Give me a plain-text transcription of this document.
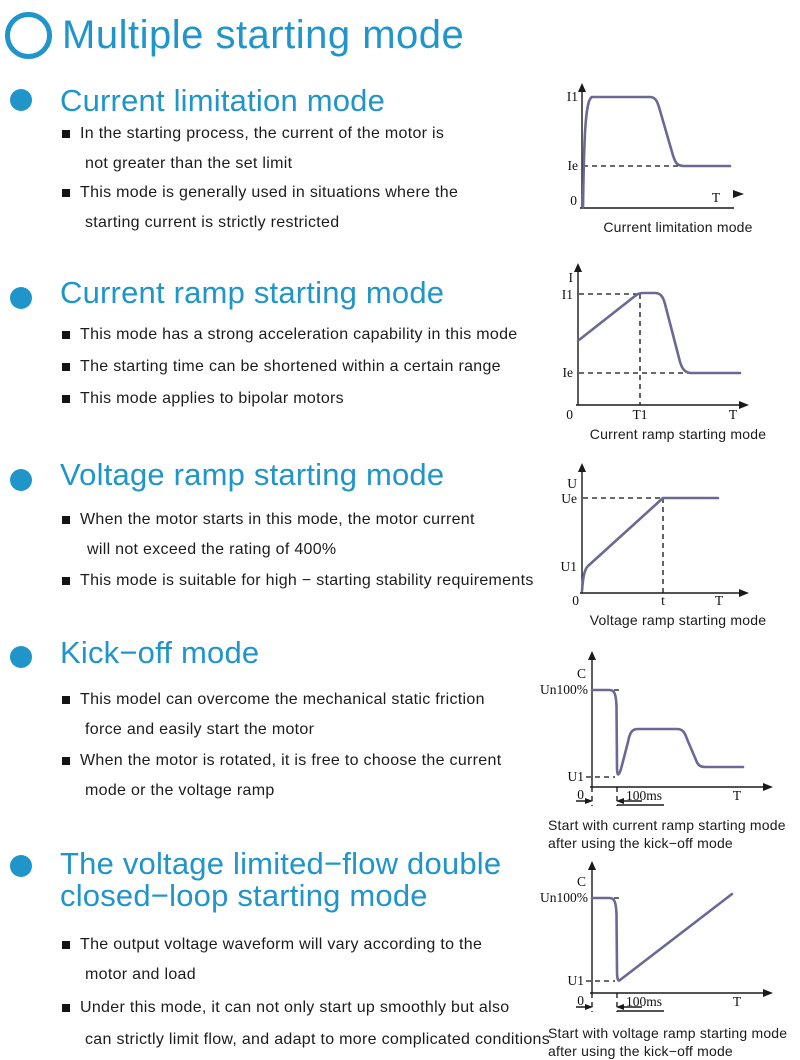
Multiple starting mode
Current limitation mode
In the starting process, the current of the motor is
not greater than the set limit
This mode is generally used in situations where the
starting current is strictly restricted
I1
Ie
0	T
Current limitation mode
Current ramp starting mode
This mode has a strong acceleration capability in this mode
The starting time can be shortened within a certain range
This mode applies to bipolar motors
I
I1
Ie
0	T1	T
Current ramp starting mode
Voltage ramp starting mode
When the motor starts in this mode, the motor current
will not exceed the rating of 400%
This mode is suitable for high − starting stability requirements
U
Ue
U1
0	t	T
Voltage ramp starting mode
Kick−off mode
This model can overcome the mechanical static friction
force and easily start the motor
When the motor is rotated, it is free to choose the current
mode or the voltage ramp
C
Un100%
U1
0	100ms	T
Start with current ramp starting mode
after using the kick−off mode
The voltage limited−flow double
closed−loop starting mode
The output voltage waveform will vary according to the
motor and load
Under this mode, it can not only start up smoothly but also
can strictly limit flow, and adapt to more complicated conditions
C
Un100%
U1
0	100ms	T
Start with voltage ramp starting mode
after using the kick−off mode
